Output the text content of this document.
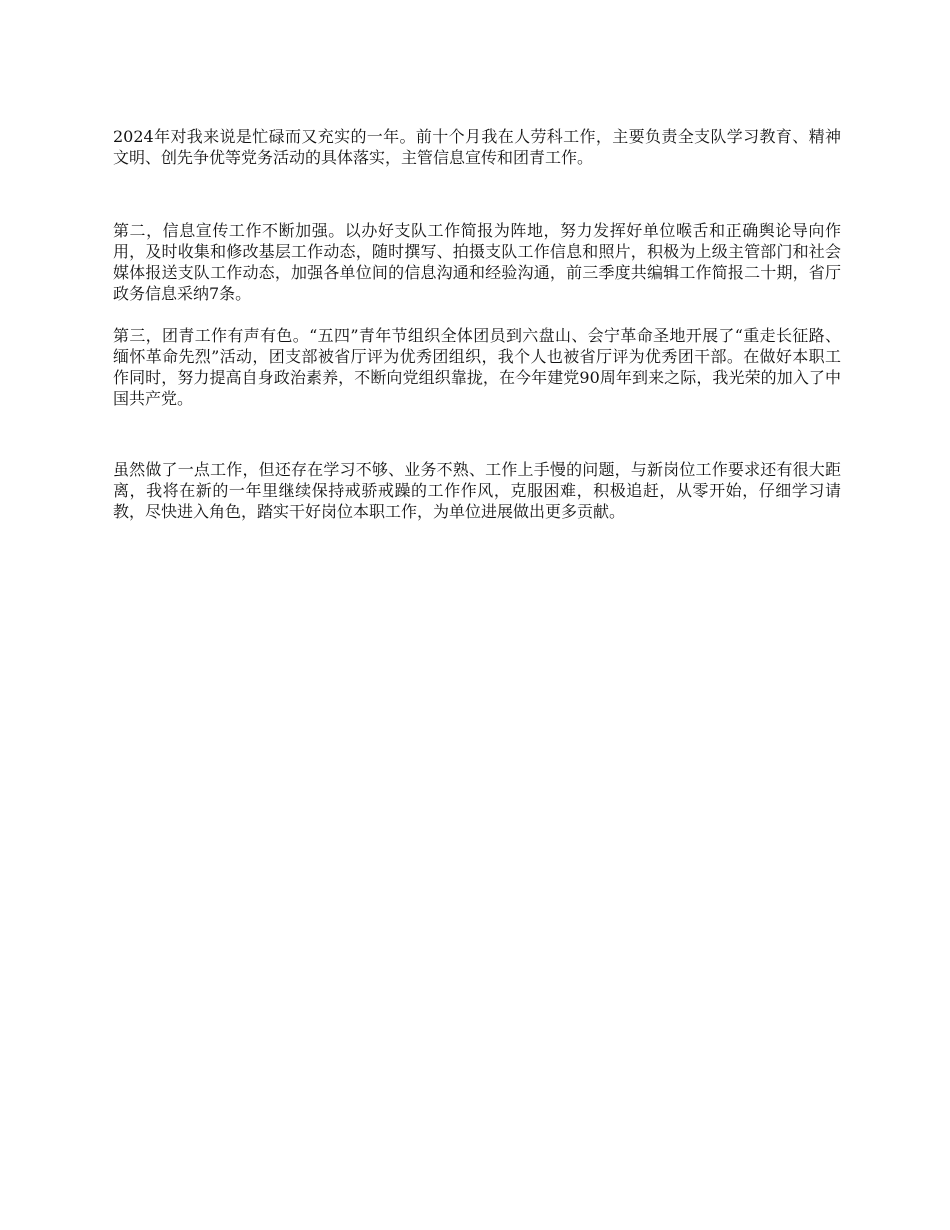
2024年对我来说是忙碌而又充实的一年。前十个月我在人劳科工作，主要负责全支队学习教育、精神文明、创先争优等党务活动的具体落实，主管信息宣传和团青工作。

第二，信息宣传工作不断加强。以办好支队工作简报为阵地，努力发挥好单位喉舌和正确舆论导向作用，及时收集和修改基层工作动态，随时撰写、拍摄支队工作信息和照片，积极为上级主管部门和社会媒体报送支队工作动态，加强各单位间的信息沟通和经验沟通，前三季度共编辑工作简报二十期，省厅政务信息采纳7条。

第三，团青工作有声有色。“五四”青年节组织全体团员到六盘山、会宁革命圣地开展了“重走长征路、缅怀革命先烈”活动，团支部被省厅评为优秀团组织，我个人也被省厅评为优秀团干部。在做好本职工作同时，努力提高自身政治素养，不断向党组织靠拢，在今年建党90周年到来之际，我光荣的加入了中国共产党。

虽然做了一点工作，但还存在学习不够、业务不熟、工作上手慢的问题，与新岗位工作要求还有很大距离，我将在新的一年里继续保持戒骄戒躁的工作作风，克服困难，积极追赶，从零开始，仔细学习请教，尽快进入角色，踏实干好岗位本职工作，为单位进展做出更多贡献。
